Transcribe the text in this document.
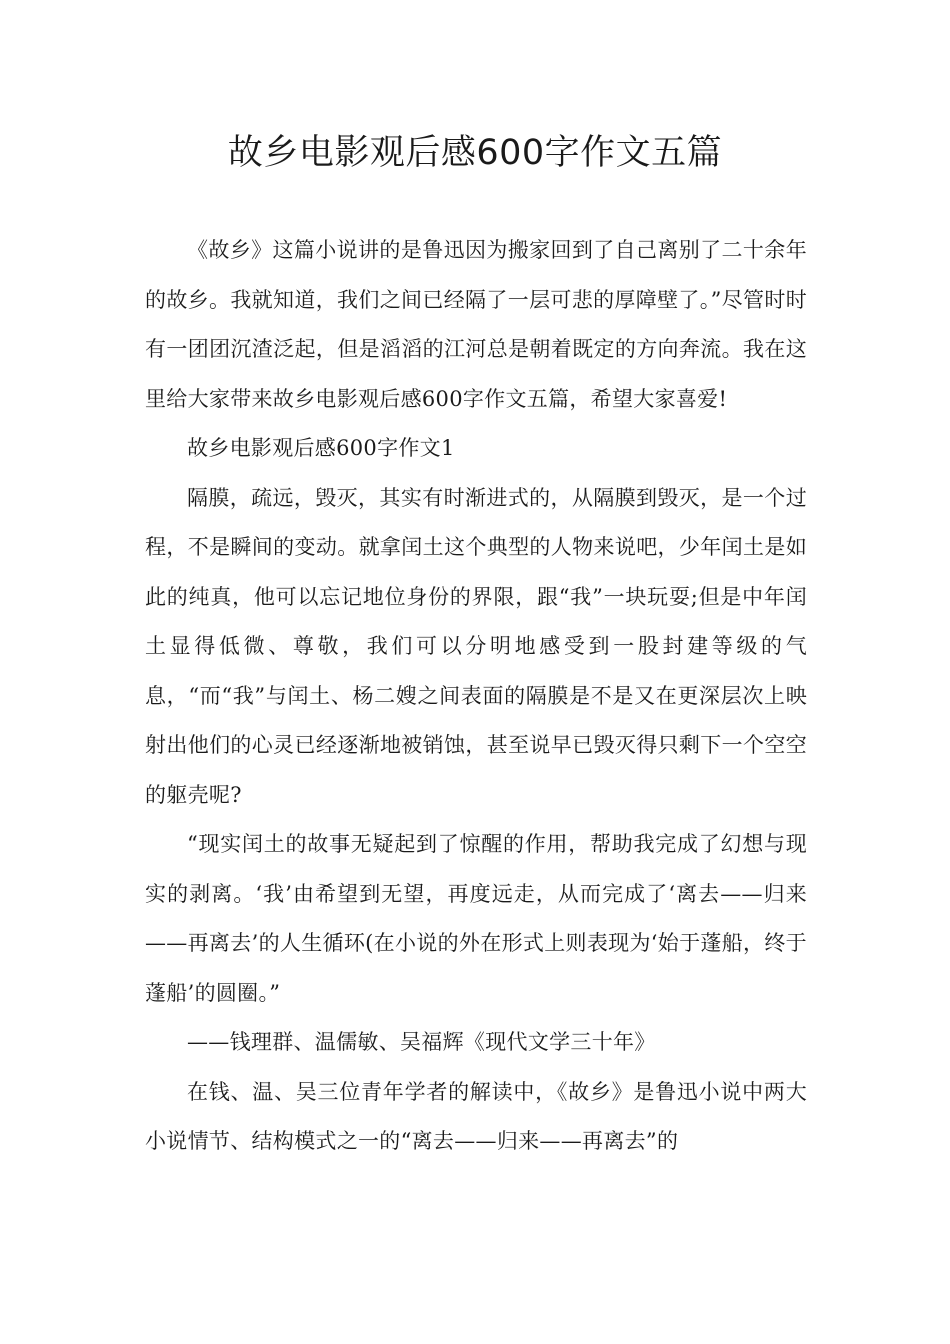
故乡电影观后感600字作文五篇

《故乡》这篇小说讲的是鲁迅因为搬家回到了自己离别了二十余年的故乡。我就知道，我们之间已经隔了一层可悲的厚障壁了。”尽管时时有一团团沉渣泛起，但是滔滔的江河总是朝着既定的方向奔流。我在这里给大家带来故乡电影观后感600字作文五篇，希望大家喜爱!

故乡电影观后感600字作文1

隔膜，疏远，毁灭，其实有时渐进式的，从隔膜到毁灭，是一个过程，不是瞬间的变动。就拿闰土这个典型的人物来说吧，少年闰土是如此的纯真，他可以忘记地位身份的界限，跟“我”一块玩耍;但是中年闰土显得低微、尊敬，我们可以分明地感受到一股封建等级的气息，“而“我”与闰土、杨二嫂之间表面的隔膜是不是又在更深层次上映射出他们的心灵已经逐渐地被销蚀，甚至说早已毁灭得只剩下一个空空的躯壳呢?

“现实闰土的故事无疑起到了惊醒的作用，帮助我完成了幻想与现实的剥离。‘我’由希望到无望，再度远走，从而完成了‘离去——归来——再离去’的人生循环(在小说的外在形式上则表现为‘始于蓬船，终于蓬船’的圆圈。”

——钱理群、温儒敏、吴福辉《现代文学三十年》

在钱、温、吴三位青年学者的解读中，《故乡》是鲁迅小说中两大小说情节、结构模式之一的“离去——归来——再离去”的
